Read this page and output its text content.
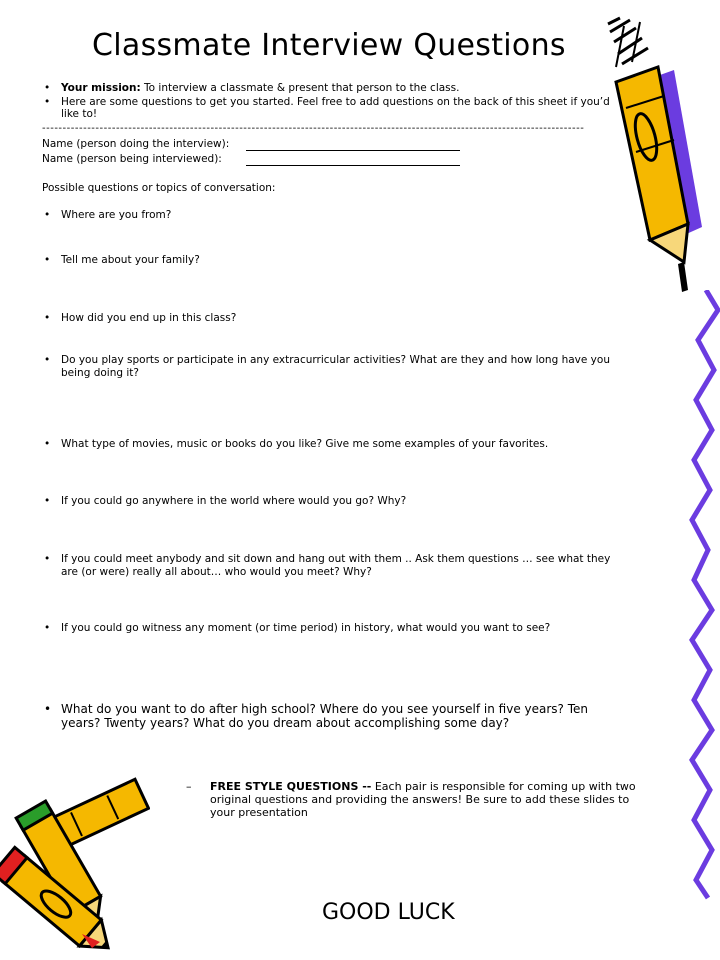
Classmate Interview Questions

• Your mission: To interview a classmate & present that person to the class.

• Here are some questions to get you started. Feel free to add questions on the back of this sheet if you’d like to!

------------------------------------------------------------------------------------------------------------------------------------
Name (person doing the interview):
Name (person being interviewed):
Possible questions or topics of conversation:

• Where are you from?

• Tell me about your family?

• How did you end up in this class?

• Do you play sports or participate in any extracurricular activities? What are they and how long have you being doing it?

• What type of movies, music or books do you like? Give me some examples of your favorites.

• If you could go anywhere in the world where would you go? Why?

• If you could meet anybody and sit down and hang out with them .. Ask them questions … see what they are (or were) really all about… who would you meet? Why?

• If you could go witness any moment (or time period) in history, what would you want to see?

• What do you want to do after high school? Where do you see yourself in five years? Ten years? Twenty years? What do you dream about accomplishing some day?

– FREE STYLE QUESTIONS -- Each pair is responsible for coming up with two original questions and providing the answers! Be sure to add these slides to your presentation
GOOD LUCK
